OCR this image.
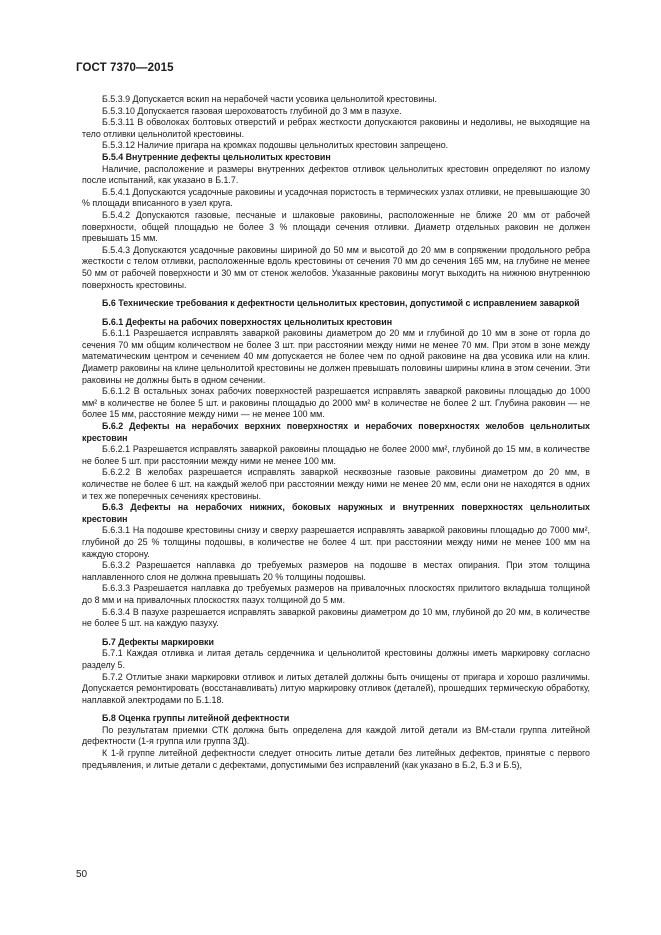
ГОСТ 7370—2015

Б.5.3.9 Допускается вскип на нерабочей части усовика цельнолитой крестовины.

Б.5.3.10 Допускается газовая шероховатость глубиной до 3 мм в пазухе.

Б.5.3.11 В обволоках болтовых отверстий и ребрах жесткости допускаются раковины и недоливы, не выходящие на тело отливки цельнолитой крестовины.

Б.5.3.12 Наличие пригара на кромках подошвы цельнолитых крестовин запрещено.

Б.5.4 Внутренние дефекты цельнолитых крестовин

Наличие, расположение и размеры внутренних дефектов отливок цельнолитых крестовин определяют по излому после испытаний, как указано в Б.1.7.

Б.5.4.1 Допускаются усадочные раковины и усадочная пористость в термических узлах отливки, не превышающие 30 % площади вписанного в узел круга.

Б.5.4.2 Допускаются газовые, песчаные и шлаковые раковины, расположенные не ближе 20 мм от рабочей поверхности, общей площадью не более 3 % площади сечения отливки. Диаметр отдельных раковин не должен превышать 15 мм.

Б.5.4.3 Допускаются усадочные раковины шириной до 50 мм и высотой до 20 мм в сопряжении продольного ребра жесткости с телом отливки, расположенные вдоль крестовины от сечения 70 мм до сечения 165 мм, на глубине не менее 50 мм от рабочей поверхности и 30 мм от стенок желобов. Указанные раковины могут выходить на нижнюю внутреннюю поверхность крестовины.

Б.6 Технические требования к дефектности цельнолитых крестовин, допустимой с исправлением заваркой

Б.6.1 Дефекты на рабочих поверхностях цельнолитых крестовин

Б.6.1.1 Разрешается исправлять заваркой раковины диаметром до 20 мм и глубиной до 10 мм в зоне от горла до сечения 70 мм общим количеством не более 3 шт. при расстоянии между ними не менее 70 мм. При этом в зоне между математическим центром и сечением 40 мм допускается не более чем по одной раковине на два усовика или на клин. Диаметр раковины на клине цельнолитой крестовины не должен превышать половины ширины клина в этом сечении. Эти раковины не должны быть в одном сечении.

Б.6.1.2 В остальных зонах рабочих поверхностей разрешается исправлять заваркой раковины площадью до 1000 мм² в количестве не более 5 шт. и раковины площадью до 2000 мм² в количестве не более 2 шт. Глубина раковин — не более 15 мм, расстояние между ними — не менее 100 мм.

Б.6.2 Дефекты на нерабочих верхних поверхностях и нерабочих поверхностях желобов цельнолитых крестовин

Б.6.2.1 Разрешается исправлять заваркой раковины площадью не более 2000 мм², глубиной до 15 мм, в количестве не более 5 шт. при расстоянии между ними не менее 100 мм.

Б.6.2.2 В желобах разрешается исправлять заваркой несквозные газовые раковины диаметром до 20 мм, в количестве не более 6 шт. на каждый желоб при расстоянии между ними не менее 20 мм, если они не находятся в одних и тех же поперечных сечениях крестовины.

Б.6.3 Дефекты на нерабочих нижних, боковых наружных и внутренних поверхностях цельнолитых крестовин

Б.6.3.1 На подошве крестовины снизу и сверху разрешается исправлять заваркой раковины площадью до 7000 мм², глубиной до 25 % толщины подошвы, в количестве не более 4 шт. при расстоянии между ними не менее 100 мм на каждую сторону.

Б.6.3.2 Разрешается наплавка до требуемых размеров на подошве в местах опирания. При этом толщина наплавленного слоя не должна превышать 20 % толщины подошвы.

Б.6.3.3 Разрешается наплавка до требуемых размеров на привалочных плоскостях прилитого вкладыша толщиной до 8 мм и на привалочных плоскостях пазух толщиной до 5 мм.

Б.6.3.4 В пазухе разрешается исправлять заваркой раковины диаметром до 10 мм, глубиной до 20 мм, в количестве не более 5 шт. на каждую пазуху.

Б.7 Дефекты маркировки

Б.7.1 Каждая отливка и литая деталь сердечника и цельнолитой крестовины должны иметь маркировку согласно разделу 5.

Б.7.2 Отлитые знаки маркировки отливок и литых деталей должны быть очищены от пригара и хорошо различимы. Допускается ремонтировать (восстанавливать) литую маркировку отливок (деталей), прошедших термическую обработку, наплавкой электродами по Б.1.18.

Б.8 Оценка группы литейной дефектности

По результатам приемки СТК должна быть определена для каждой литой детали из ВМ-стали группа литейной дефектности (1-я группа или группа 3Д).

К 1-й группе литейной дефектности следует относить литые детали без литейных дефектов, принятые с первого предъявления, и литые детали с дефектами, допустимыми без исправлений (как указано в Б.2, Б.3 и Б.5),

50
